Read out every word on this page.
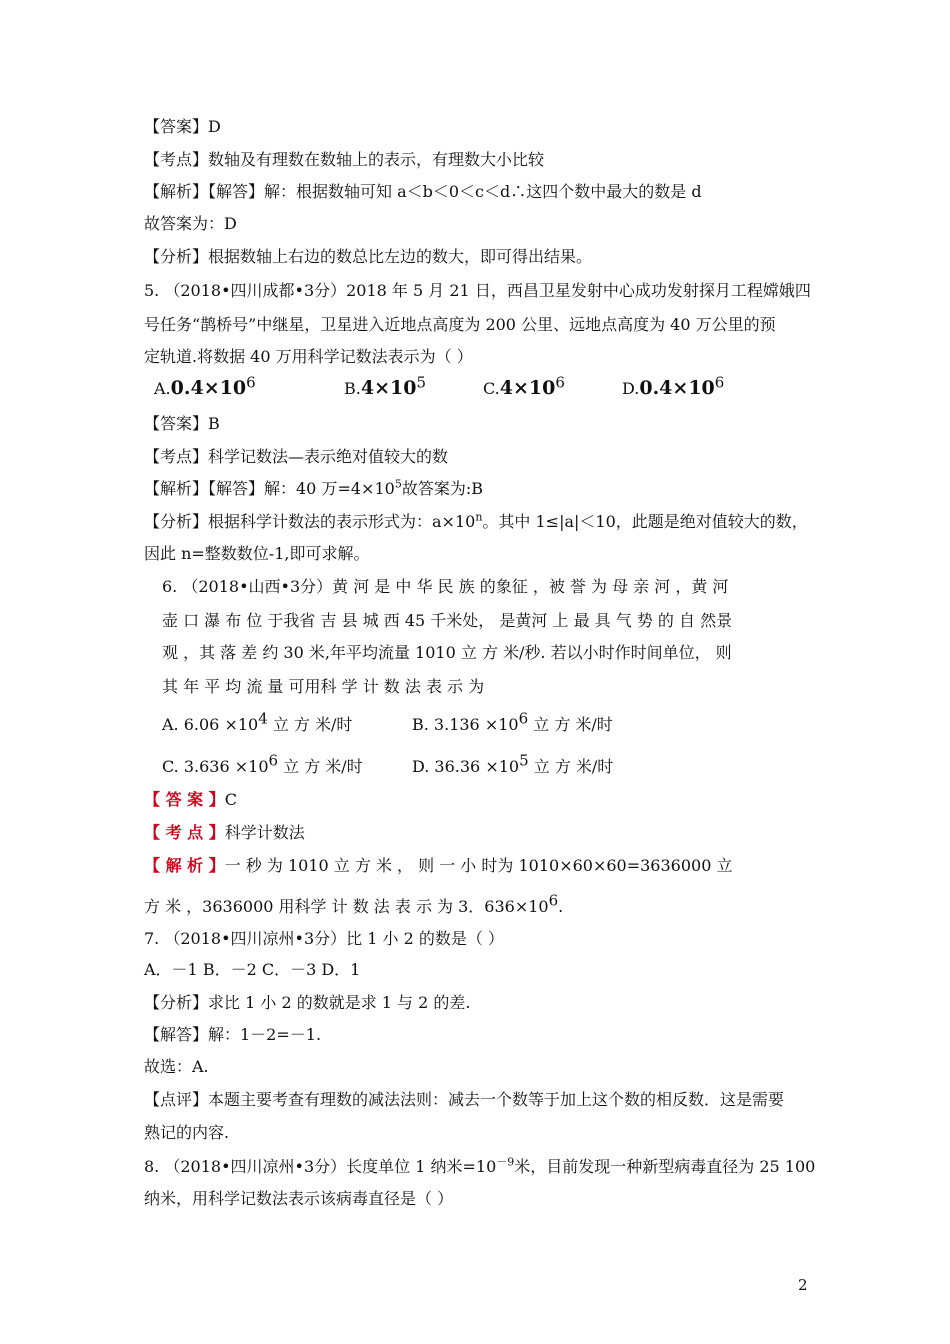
【答案】D
【考点】数轴及有理数在数轴上的表示，有理数大小比较
【解析】【解答】解：根据数轴可知 a＜b＜0＜c＜d∴这四个数中最大的数是 d
故答案为：D
【分析】根据数轴上右边的数总比左边的数大，即可得出结果。
5. （2018•四川成都•3分）2018 年 5 月 21 日，西昌卫星发射中心成功发射探月工程嫦娥四
号任务“鹊桥号”中继星，卫星进入近地点高度为 200 公里、远地点高度为 40 万公里的预
定轨道.将数据 40 万用科学记数法表示为（ ）
$A.0.4\times 10^6$	$B.4\times 10^5$	$C.4\times 10^6$	$D.0.4\times 10^6$
【答案】B
【考点】科学记数法—表示绝对值较大的数
【解析】【解答】解：40 万$=4\times 10^5$故答案为:B
【分析】根据科学计数法的表示形式为：$a\times 10^n$。其中 1≤|a|＜10，此题是绝对值较大的数，
因此 n=整数数位-1,即可求解。
6. （2018•山西•3分）黄 河 是 中 华 民 族 的象征 ，被 誉 为 母 亲 河 ，黄 河
壶 口 瀑 布 位 于我省 吉 县 城 西 45 千米处， 是黄河 上 最 具 气 势 的 自 然景
观 ，其 落 差 约 30 米,年平均流量 1010 立 方 米/秒. 若以小时作时间单位， 则
其 年 平 均 流 量 可用科 学 计 数 法 表 示 为
A. $6.06 \times 10^4$ 立 方 米/时	B. $3.136 \times 10^6$ 立 方 米/时
C. $3.636 \times 10^6$ 立 方 米/时	D. $36.36 \times 10^5$ 立 方 米/时
【 答 案 】C
【 考 点 】科学计数法
【 解 析 】一 秒 为 1010 立 方 米 ， 则 一 小 时为 1010×60×60=3636000 立
方 米 ，3636000 用科学 计 数 法 表 示 为 3．$636\times 10^6$.
7. （2018•四川凉州•3分）比 1 小 2 的数是（ ）
A．－1 B．－2 C．－3 D．1
【分析】求比 1 小 2 的数就是求 1 与 2 的差.
【解答】解：1－2=－1.
故选：A.
【点评】本题主要考查有理数的减法法则：减去一个数等于加上这个数的相反数．这是需要
熟记的内容.
8. （2018•四川凉州•3分）长度单位 1 纳米$=10^{-9}$米，目前发现一种新型病毒直径为 25 100
纳米，用科学记数法表示该病毒直径是（ ）
2
